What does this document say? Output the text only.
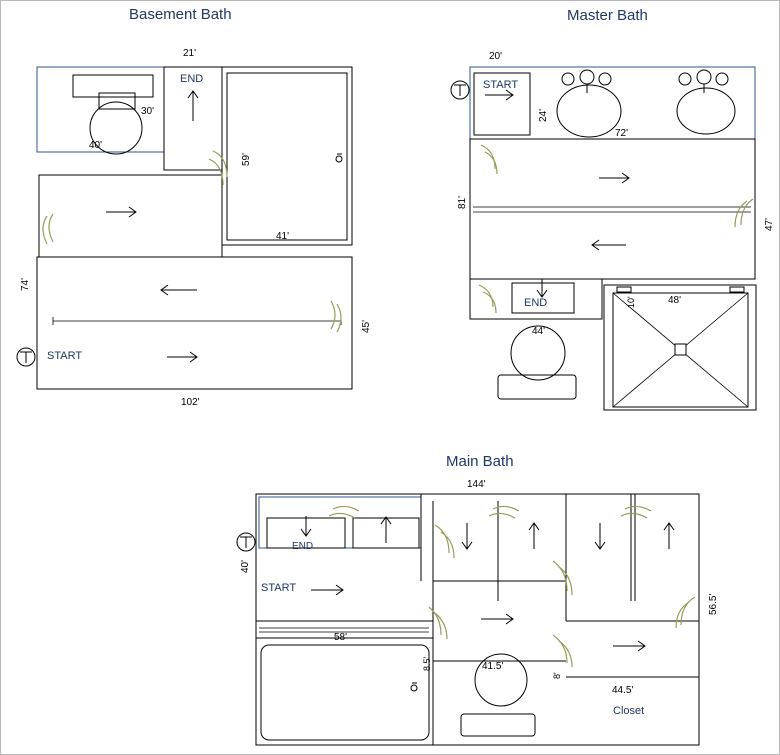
Basement Bath
21'
30'
40'
59'
41'
74'
45'
102'
END
START
Master Bath
20'
24'
72'
81'
47'
44'
48'
10'
START
END
Main Bath
144'
40'
56.5'
58'
8.5'
8'
41.5'
44.5'
END
START
Closet
